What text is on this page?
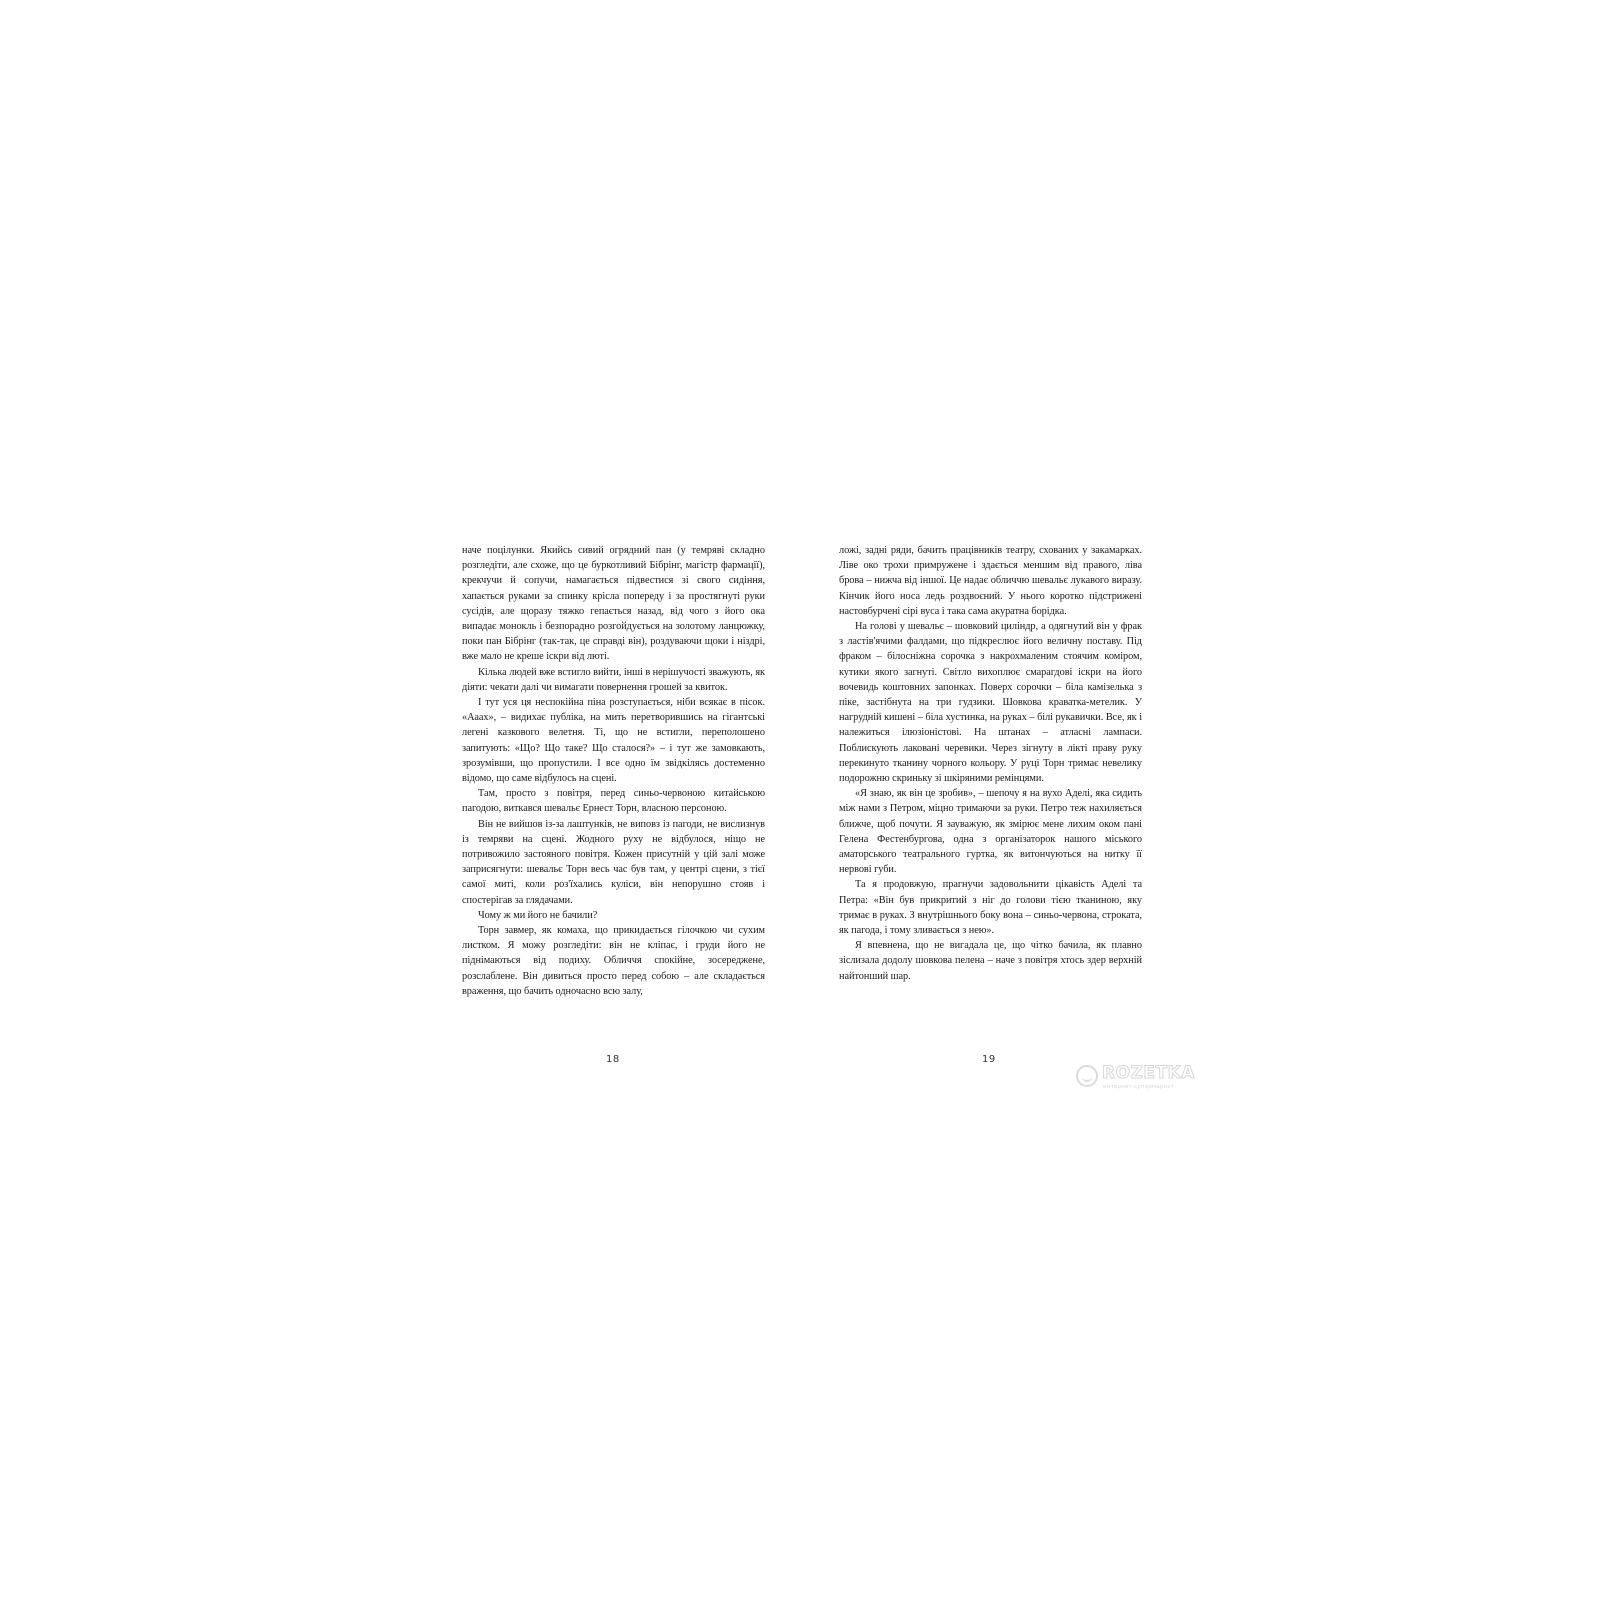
наче поцілунки. Якийсь сивий огрядний пан (у темряві складно розгледіти, але схоже, що це буркотливий Бібрінг, магістр фармації), крекчучи й сопучи, намагається підвестися зі свого сидіння, хапається руками за спинку крісла попереду і за простягнуті руки сусідів, але щоразу тяжко гепається назад, від чого з його ока випадає монокль і безпорадно розгойдується на золотому ланцюжку, поки пан Бібрінг (так-так, це справді він), роздуваючи щоки і ніздрі, вже мало не креше іскри від люті.

Кілька людей вже встигло вийти, інші в нерішучості зважують, як діяти: чекати далі чи вимагати повернення грошей за квиток.

І тут уся ця неспокійна піна розступається, ніби всякає в пісок. «Ааах», – видихає публіка, на мить перетворившись на гігантські легені казкового велетня. Ті, що не встигли, переполошено запитують: «Що? Що таке? Що сталося?» – і тут же замовкають, зрозумівши, що пропустили. І все одно їм звідкілясь достеменно відомо, що саме відбулось на сцені.

Там, просто з повітря, перед синьо-червоною китайською пагодою, виткався шевальє Ернест Торн, власною персоною.

Він не вийшов із-за лаштунків, не виповз із пагоди, не вислизнув із темряви на сцені. Жодного руху не відбулося, ніщо не потривожило застояного повітря. Кожен присутній у цій залі може заприсягнути: шевальє Торн весь час був там, у центрі сцени, з тієї самої миті, коли роз'їхались куліси, він непорушно стояв і спостерігав за глядачами.

Чому ж ми його не бачили?

Торн завмер, як комаха, що прикидається гілочкою чи сухим листком. Я можу розгледіти: він не кліпає, і груди його не піднімаються від подиху. Обличчя спокійне, зосереджене, розслаблене. Він дивиться просто перед собою – але складається враження, що бачить одночасно всю залу,

ложі, задні ряди, бачить працівників театру, схованих у закамарках. Ліве око трохи примружене і здається меншим від правого, ліва брова – нижча від іншої. Це надає обличчю шевальє лукавого виразу. Кінчик його носа ледь роздвоєний. У нього коротко підстрижені настовбурчені сірі вуса і така сама акуратна борідка.

На голові у шевальє – шовковий циліндр, а одягнутий він у фрак з ластів'ячими фалдами, що підкреслює його величну поставу. Під фраком – білосніжна сорочка з накрохмаленим стоячим коміром, кутики якого загнуті. Світло вихоплює смарагдові іскри на його вочевидь коштовних запонках. Поверх сорочки – біла камізелька з піке, застібнута на три гудзики. Шовкова краватка-метелик. У нагрудній кишені – біла хустинка, на руках – білі рукавички. Все, як і належиться ілюзіоністові. На штанах – атласні лампаси. Поблискують лаковані черевики. Через зігнуту в лікті праву руку перекинуто тканину чорного кольору. У руці Торн тримає невелику подорожню скриньку зі шкіряними ремінцями.

«Я знаю, як він це зробив», – шепочу я на вухо Аделі, яка сидить між нами з Петром, міцно тримаючи за руки. Петро теж нахиляється ближче, щоб почути. Я зауважую, як змірює мене лихим оком пані Гелена Фестенбургова, одна з організаторок нашого міського аматорського театрального гуртка, як витончуються на нитку її нервові губи.

Та я продовжую, прагнучи задовольнити цікавість Аделі та Петра: «Він був прикритий з ніг до голови тією тканиною, яку тримає в руках. З внутрішнього боку вона – синьо-червона, строката, як пагода, і тому зливається з нею».

Я впевнена, що не вигадала це, що чітко бачила, як плавно зіслизала додолу шовкова пелена – наче з повітря хтось здер верхній найтонший шар.

18	19
ROZETKA
интернет-супермаркет
